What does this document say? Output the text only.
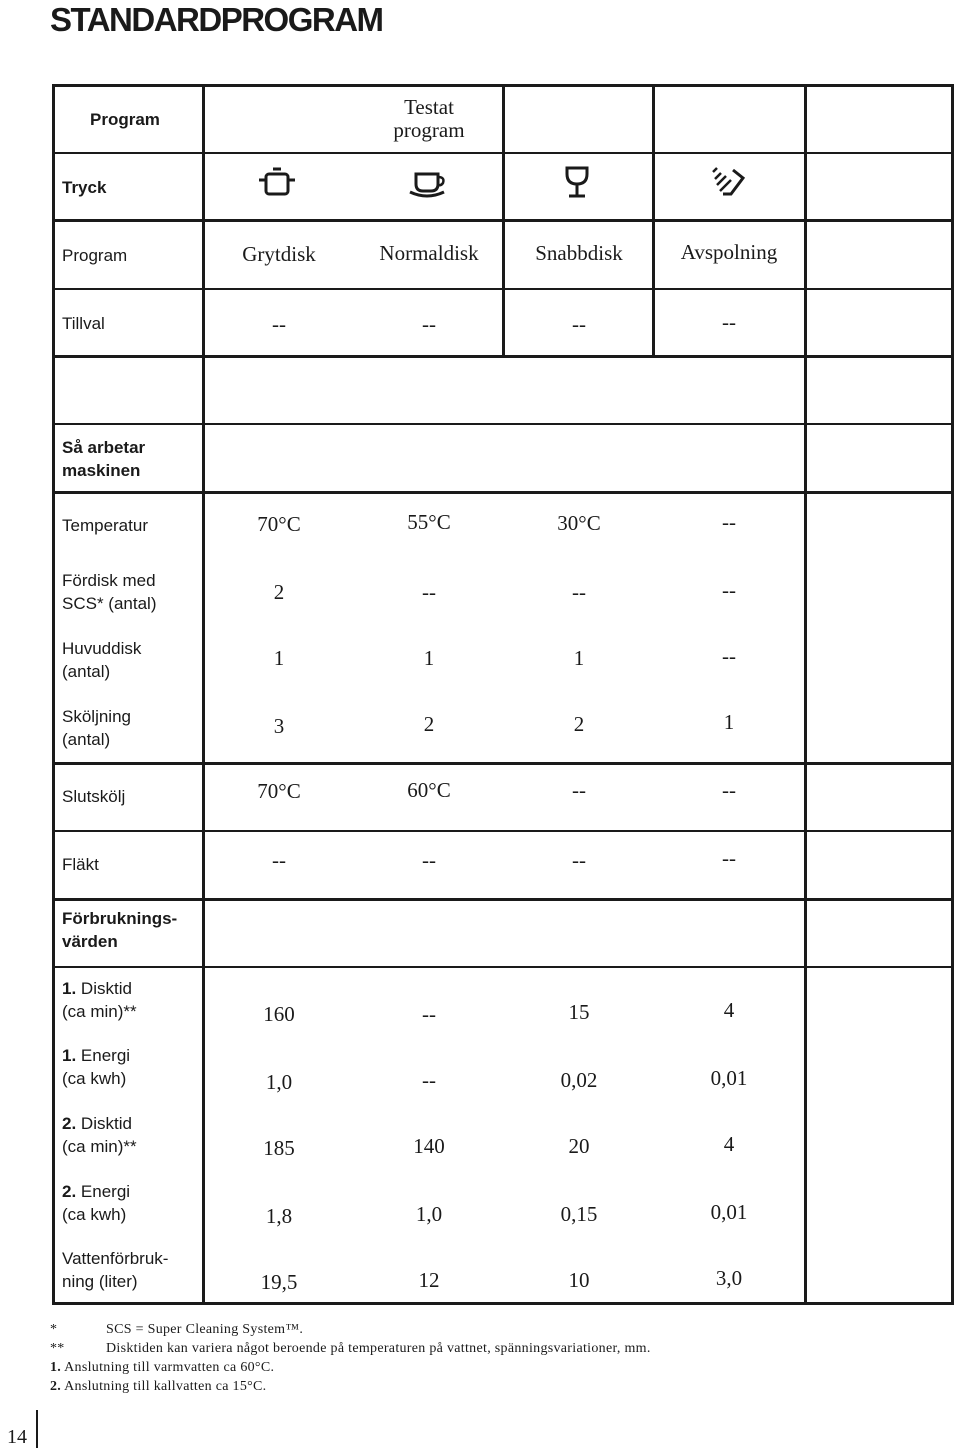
STANDARDPROGRAM
Program
Testat
program
Tryck
Program	Grytdisk	Normaldisk	Snabbdisk	Avspolning
Tillval	--	--	--	--
Så arbetar
maskinen
Temperatur	70°C	55°C	30°C	--
Fördisk med
SCS* (antal)	2	--	--	--
Huvuddisk
(antal)
1	1	1	--
Sköljning
(antal)
3	2	2	1
Slutskölj	70°C	60°C	--	--
Fläkt	--	--	--	--
Förbruknings-
värden
1. Disktid
(ca min)**	160	--	15	4
1. Energi
(ca kwh)	1,0	--	0,02	0,01
2. Disktid
(ca min)**	185	140	20	4
2. Energi
(ca kwh)	1,8	1,0	0,15	0,01
Vattenförbruk-
ning (liter)	19,5	12	10	3,0
*	SCS = Super Cleaning System™.
**	Disktiden kan variera något beroende på temperaturen på vattnet, spänningsvariationer, mm.
1. Anslutning till varmvatten ca 60°C.
2. Anslutning till kallvatten ca 15°C.
14
